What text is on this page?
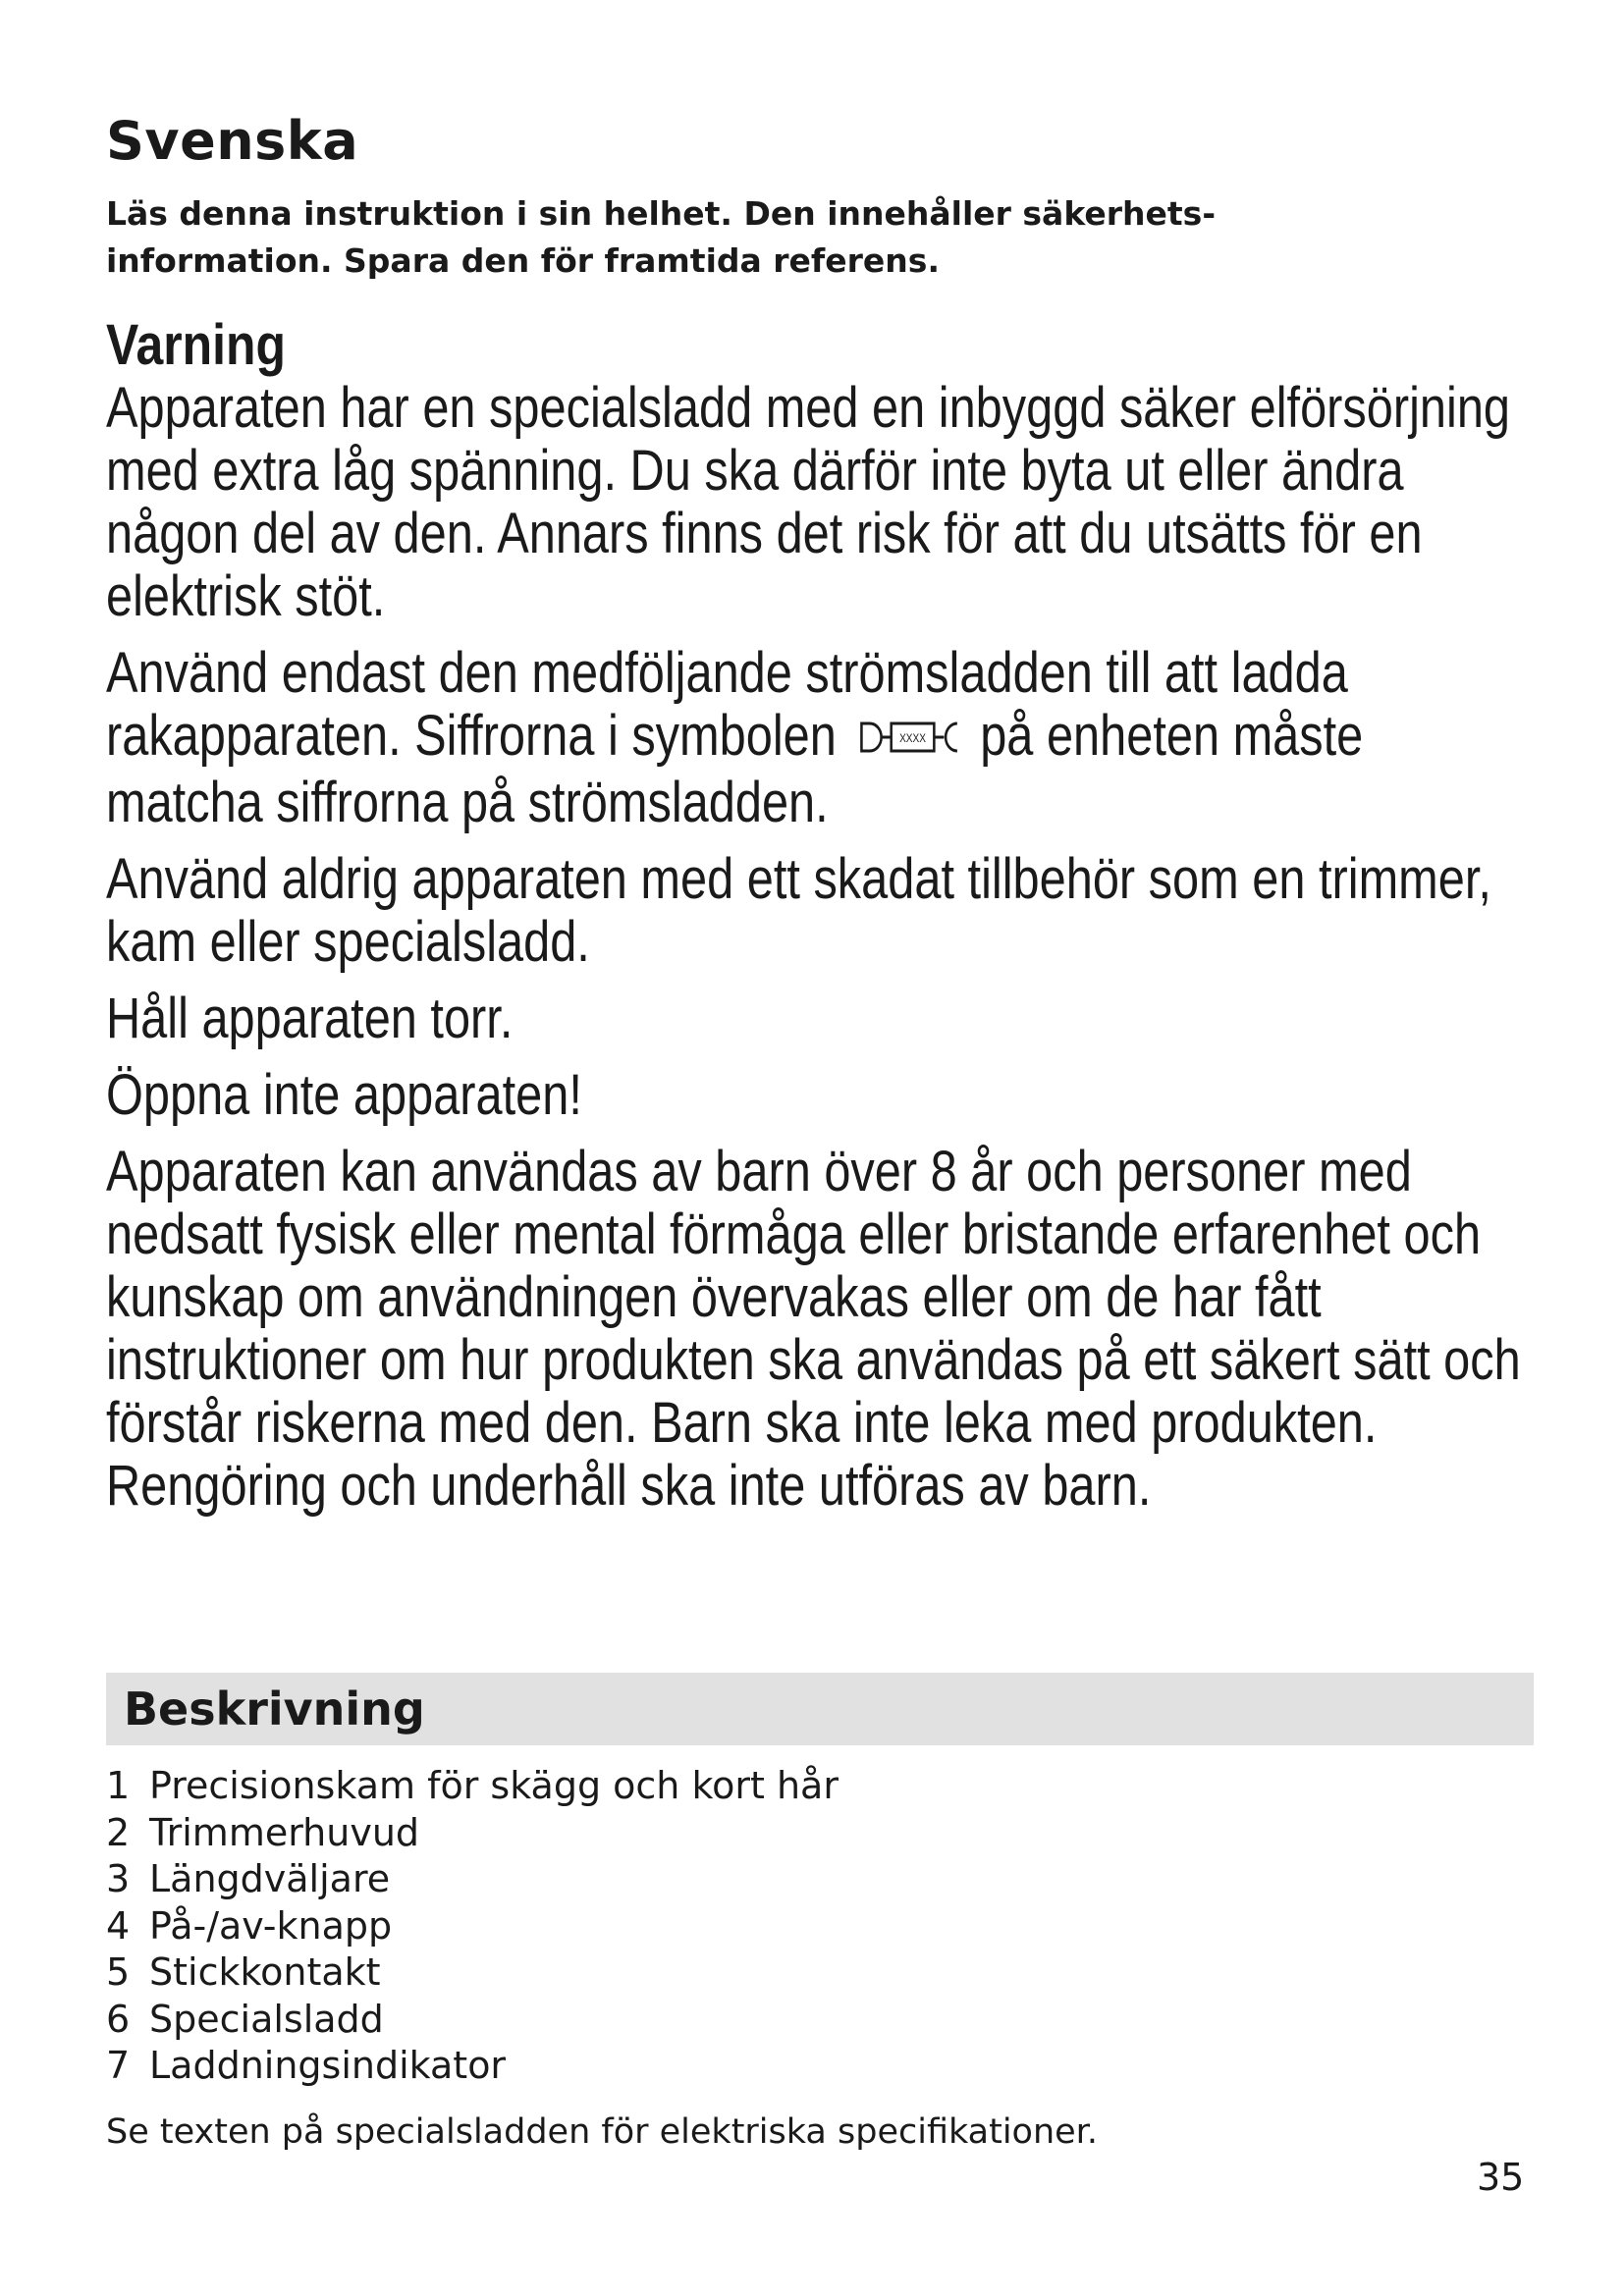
Svenska

Läs denna instruktion i sin helhet. Den innehåller säkerhetsinformation. Spara den för framtida referens.

Varning

Apparaten har en specialsladd med en inbyggd säker elförsörjning med extra låg spänning. Du ska därför inte byta ut eller ändra någon del av den. Annars finns det risk för att du utsätts för en elektrisk stöt.

Använd endast den medföljande strömsladden till att ladda rakapparaten. Siffrorna i symbolen	XXXX på enheten måste matcha siffrorna på strömsladden.

Använd aldrig apparaten med ett skadat tillbehör som en trimmer, kam eller specialsladd.

Håll apparaten torr.

Öppna inte apparaten!

Apparaten kan användas av barn över 8 år och personer med nedsatt fysisk eller mental förmåga eller bristande erfarenhet och kunskap om användningen övervakas eller om de har fått instruktioner om hur produkten ska användas på ett säkert sätt och förstår riskerna med den. Barn ska inte leka med produkten. Rengöring och underhåll ska inte utföras av barn.

Beskrivning
1 Precisionskam för skägg och kort hår
2 Trimmerhuvud
3 Längdväljare
4 På-/av-knapp
5 Stickkontakt
6 Specialsladd
7 Laddningsindikator
Se texten på specialsladden för elektriska specifikationer.
35
